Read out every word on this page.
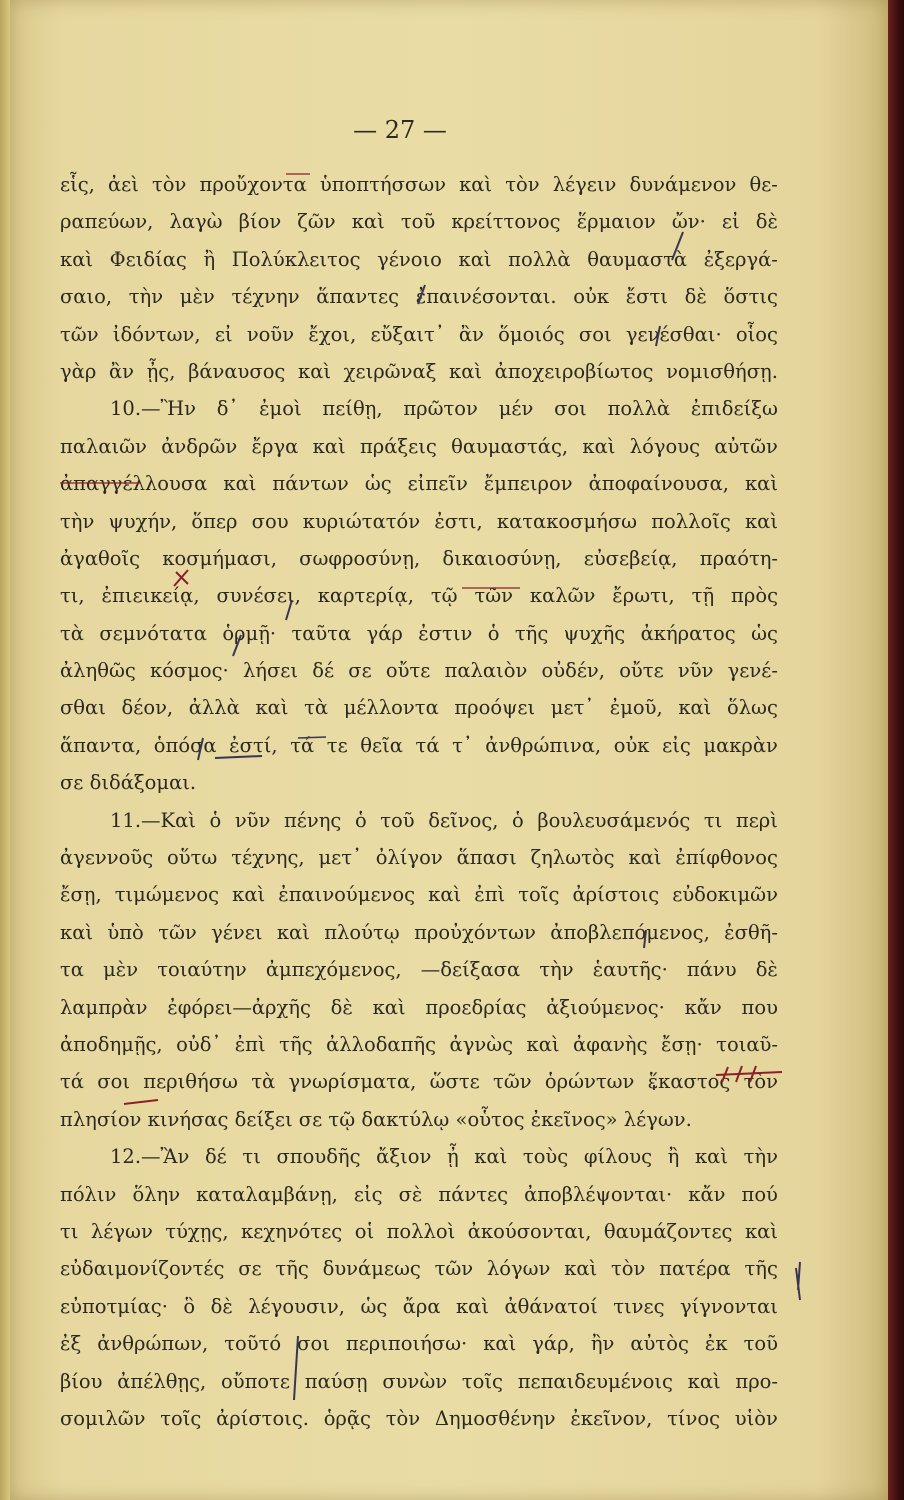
— 27 —
εἷς, ἀεὶ τὸν προὔχοντα ὑποπτήσσων καὶ τὸν λέγειν δυνάμενον θε-
ραπεύων, λαγὼ βίον ζῶν καὶ τοῦ κρείττονος ἕρμαιον ὤν· εἰ δὲ
καὶ Φειδίας ἢ Πολύκλειτος γένοιο καὶ πολλὰ θαυμαστὰ ἐξεργά-
σαιο, τὴν μὲν τέχνην ἅπαντες ἐπαινέσονται. οὐκ ἔστι δὲ ὅστις
τῶν ἰδόντων, εἰ νοῦν ἔχοι, εὔξαιτ᾿ ἂν ὅμοιός σοι γενέσθαι· οἷος
γὰρ ἂν ᾖς, βάναυσος καὶ χειρῶναξ καὶ ἀποχειροβίωτος νομισθήσῃ.
10.—Ἢν δ᾿ ἐμοὶ πείθῃ, πρῶτον μέν σοι πολλὰ ἐπιδείξω
παλαιῶν ἀνδρῶν ἔργα καὶ πράξεις θαυμαστάς, καὶ λόγους αὐτῶν
ἀπαγγέλλουσα καὶ πάντων ὡς εἰπεῖν ἔμπειρον ἀποφαίνουσα, καὶ
τὴν ψυχήν, ὅπερ σου κυριώτατόν ἐστι, κατακοσμήσω πολλοῖς καὶ
ἀγαθοῖς κοσμήμασι, σωφροσύνῃ, δικαιοσύνῃ, εὐσεβείᾳ, πραότη-
τι, ἐπιεικείᾳ, συνέσει, καρτερίᾳ, τῷ τῶν καλῶν ἔρωτι, τῇ πρὸς
τὰ σεμνότατα ὁρμῇ· ταῦτα γάρ ἐστιν ὁ τῆς ψυχῆς ἀκήρατος ὡς
ἀληθῶς κόσμος· λήσει δέ σε οὔτε παλαιὸν οὐδέν, οὔτε νῦν γενέ-
σθαι δέον, ἀλλὰ καὶ τὰ μέλλοντα προόψει μετ᾿ ἐμοῦ, καὶ ὅλως
ἅπαντα, ὁπόσα ἐστί, τά τε θεῖα τά τ᾿ ἀνθρώπινα, οὐκ εἰς μακρὰν
σε
διδάξομαι.
11.—Καὶ ὁ νῦν πένης ὁ τοῦ δεῖνος, ὁ βουλευσάμενός τι περὶ
ἀγεννοῦς οὕτω τέχνης, μετ᾿ ὀλίγον ἅπασι ζηλωτὸς καὶ ἐπίφθονος
ἔσῃ, τιμώμενος καὶ ἐπαινούμενος καὶ ἐπὶ τοῖς ἀρίστοις εὐδοκιμῶν
καὶ ὑπὸ τῶν γένει καὶ πλούτῳ προὐχόντων ἀποβλεπόμενος, ἐσθῆ-
τα μὲν τοιαύτην ἀμπεχόμενος, —δείξασα τὴν ἑαυτῆς· πάνυ δὲ
λαμπρὰν ἐφόρει—ἀρχῆς δὲ καὶ προεδρίας ἀξιούμενος· κἄν που
ἀποδημῇς, οὐδ᾿ ἐπὶ τῆς ἀλλοδαπῆς ἀγνὼς καὶ ἀφανὴς ἔσῃ· τοιαῦ-
τά σοι περιθήσω τὰ γνωρίσματα, ὥστε τῶν ὁρώντων ἕκαστος τὸν
πλησίον
κινήσας
δείξει
σε
τῷ
δακτύλῳ
«οὗτος
ἐκεῖνος»
λέγων.
12.—Ἂν δέ τι σπουδῆς ἄξιον ᾖ καὶ τοὺς φίλους ἢ καὶ τὴν
πόλιν ὅλην καταλαμβάνῃ, εἰς σὲ πάντες ἀποβλέψονται· κἄν πού
τι λέγων τύχῃς, κεχηνότες οἱ πολλοὶ ἀκούσονται, θαυμάζοντες καὶ
εὐδαιμονίζοντές σε τῆς δυνάμεως τῶν λόγων καὶ τὸν πατέρα τῆς
εὐποτμίας· ὃ δὲ λέγουσιν, ὡς ἄρα καὶ ἀθάνατοί τινες γίγνονται
ἐξ ἀνθρώπων, τοῦτό σοι περιποιήσω· καὶ γάρ, ἢν αὐτὸς ἐκ τοῦ
βίου ἀπέλθῃς, οὔποτε παύσῃ συνὼν τοῖς πεπαιδευμένοις καὶ προ-
σομιλῶν τοῖς ἀρίστοις. ὁρᾷς τὸν Δημοσθένην ἐκεῖνον, τίνος υἱὸν
